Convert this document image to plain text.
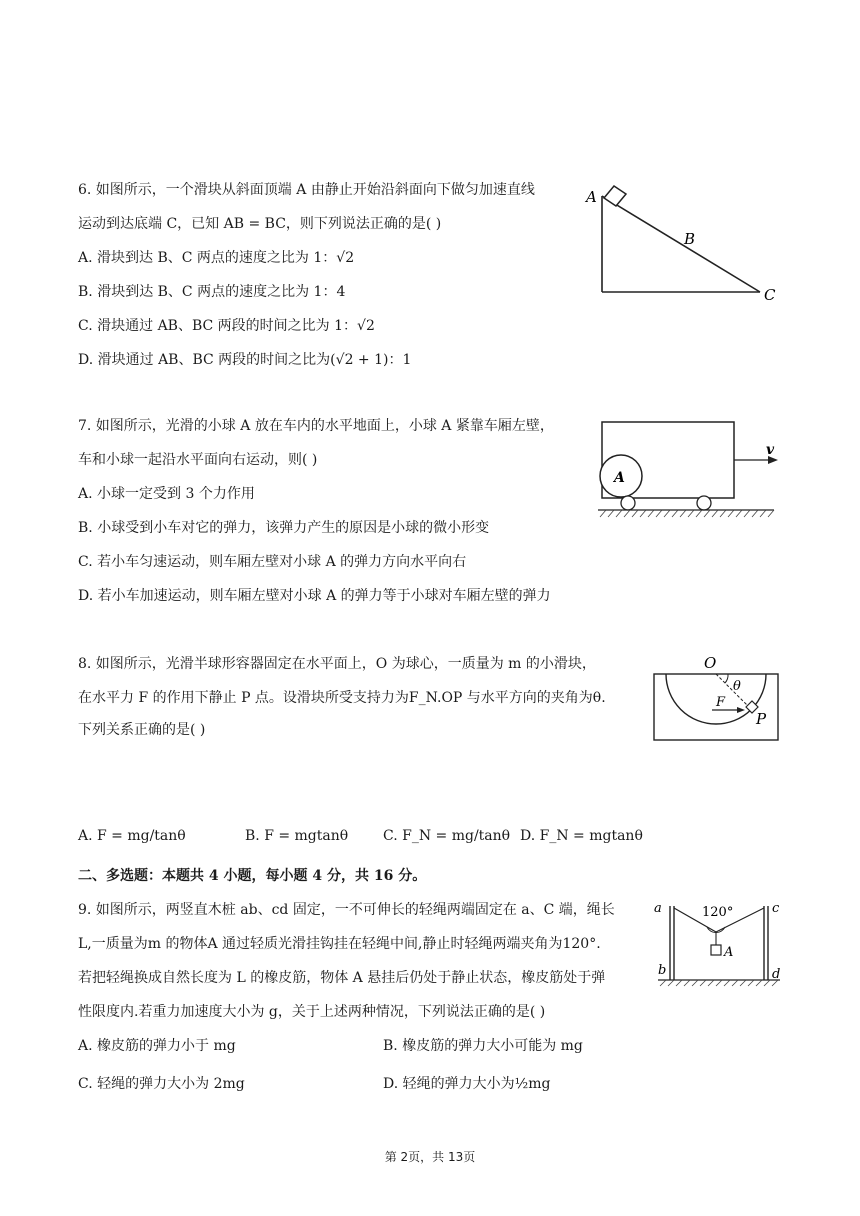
6. 如图所示，一个滑块从斜面顶端 A 由静止开始沿斜面向下做匀加速直线
运动到达底端 C，已知 AB = BC，则下列说法正确的是( )
A. 滑块到达 B、C 两点的速度之比为 1：√2
B. 滑块到达 B、C 两点的速度之比为 1：4
C. 滑块通过 AB、BC 两段的时间之比为 1：√2
D. 滑块通过 AB、BC 两段的时间之比为(√2 + 1)：1
A
B
C
7. 如图所示，光滑的小球 A 放在车内的水平地面上，小球 A 紧靠车厢左壁，
车和小球一起沿水平面向右运动，则( )
A. 小球一定受到 3 个力作用
B. 小球受到小车对它的弹力，该弹力产生的原因是小球的微小形变
C. 若小车匀速运动，则车厢左壁对小球 A 的弹力方向水平向右
D. 若小车加速运动，则车厢左壁对小球 A 的弹力等于小球对车厢左壁的弹力
A
v
8. 如图所示，光滑半球形容器固定在水平面上，O 为球心，一质量为 m 的小滑块，
在水平力 F 的作用下静止 P 点。设滑块所受支持力为F_N.OP 与水平方向的夹角为θ.
下列关系正确的是( )
A. F = mg/tanθ	B. F = mgtanθ C. F_N = mg/tanθ D. F_N = mgtanθ
O
θ
F
P
二、多选题：本题共 4 小题，每小题 4 分，共 16 分。
9. 如图所示，两竖直木桩 ab、cd 固定，一不可伸长的轻绳两端固定在 a、C 端，绳长
L,一质量为m 的物体A 通过轻质光滑挂钩挂在轻绳中间,静止时轻绳两端夹角为120°.
若把轻绳换成自然长度为 L 的橡皮筋，物体 A 悬挂后仍处于静止状态，橡皮筋处于弹
性限度内.若重力加速度大小为 g，关于上述两种情况，下列说法正确的是( )
A. 橡皮筋的弹力小于 mg	B. 橡皮筋的弹力大小可能为 mg
C. 轻绳的弹力大小为 2mg	D. 轻绳的弹力大小为½mg
a
b
c
d
120°
A
第 2页，共 13页
